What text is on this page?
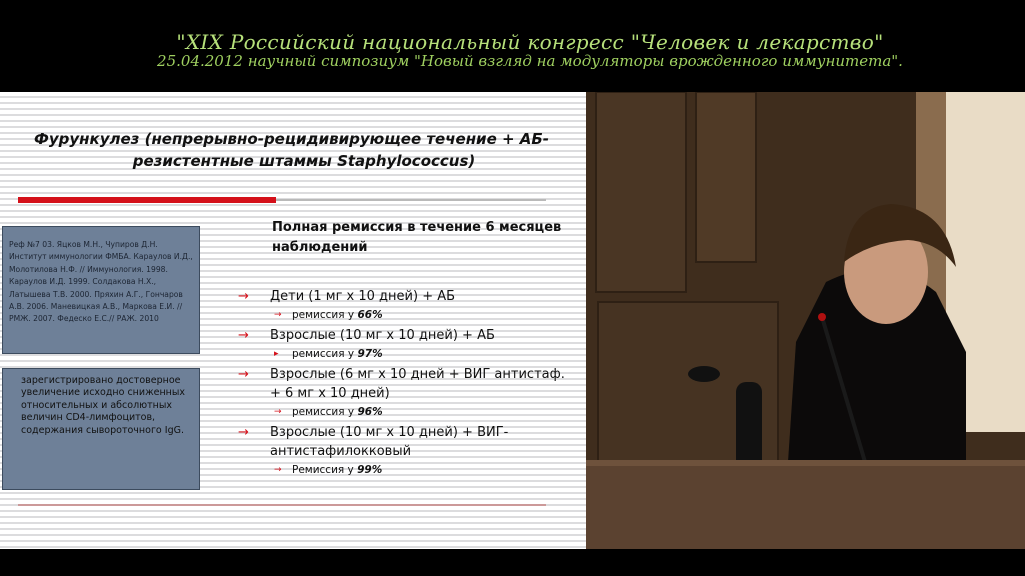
"XIX Российский национальный конгресс "Человек и лекарство"
25.04.2012 научный симпозиум "Новый взгляд на модуляторы врожденного иммунитета".
Фурункулез (непрерывно-рецидивирующее течение + АБ-
резистентные штаммы Staphylococcus)
Реф №7 03. Яцков М.Н., Чупиров Д.Н. Институт иммунологии ФМБА. Караулов И.Д., Молотилова Н.Ф. // Иммунология. 1998. Караулов И.Д. 1999. Солдакова Н.Х., Латышева Т.В. 2000. Пряхин А.Г., Гончаров А.В. 2006. Маневицкая А.В., Маркова Е.И. // РМЖ. 2007. Федеско Е.С.// РАЖ. 2010
зарегистрировано достоверное увеличение исходно сниженных относительных и абсолютных величин CD4-лимфоцитов, содержания сывороточного IgG.
Полная ремиссия в течение 6 месяцев наблюдений
→ Дети (1 мг х 10 дней) + АБ
→ ремиссия у 66%
→ Взрослые (10 мг х 10 дней) + АБ
▸ ремиссия у 97%
→ Взрослые (6 мг х 10 дней + ВИГ антистаф. + 6 мг х 10 дней)
→ ремиссия у 96%
→ Взрослые (10 мг х 10 дней) + ВИГ-антистафилокковый
→ Ремиссия у 99%
